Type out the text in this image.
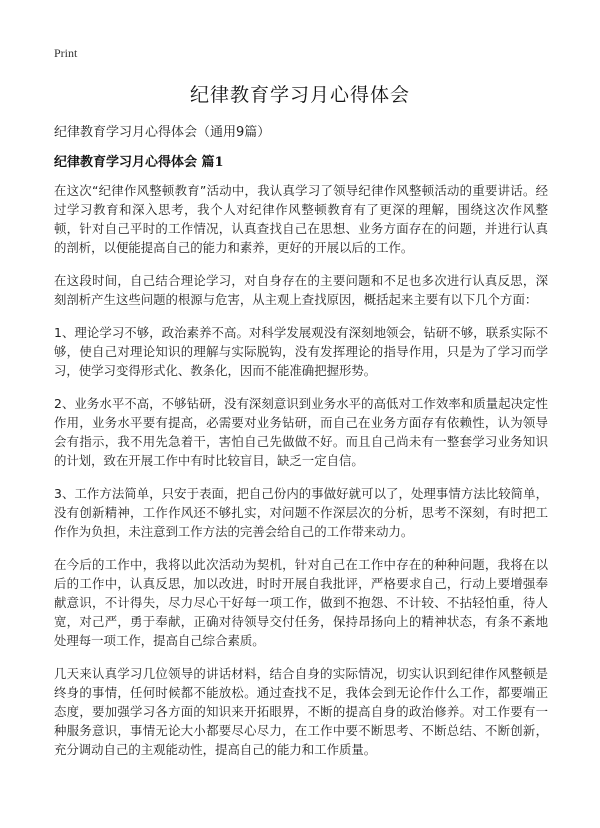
Print
纪律教育学习月心得体会
纪律教育学习月心得体会（通用9篇）
纪律教育学习月心得体会 篇1

在这次“纪律作风整顿教育”活动中，我认真学习了领导纪律作风整顿活动的重要讲话。经过学习教育和深入思考，我个人对纪律作风整顿教育有了更深的理解，围绕这次作风整顿，针对自己平时的工作情况，认真查找自己在思想、业务方面存在的问题，并进行认真的剖析，以便能提高自己的能力和素养，更好的开展以后的工作。

在这段时间，自己结合理论学习，对自身存在的主要问题和不足也多次进行认真反思，深刻剖析产生这些问题的根源与危害，从主观上查找原因，概括起来主要有以下几个方面：

1、理论学习不够，政治素养不高。对科学发展观没有深刻地领会，钻研不够，联系实际不够，使自己对理论知识的理解与实际脱钩，没有发挥理论的指导作用，只是为了学习而学习，使学习变得形式化、教条化，因而不能准确把握形势。

2、业务水平不高，不够钻研，没有深刻意识到业务水平的高低对工作效率和质量起决定性作用，业务水平要有提高，必需要对业务钻研，而自己在业务方面存有依赖性，认为领导会有指示，我不用先急着干，害怕自己先做做不好。而且自己尚未有一整套学习业务知识的计划，致在开展工作中有时比较盲目，缺乏一定自信。

3、工作方法简单，只安于表面，把自己份内的事做好就可以了，处理事情方法比较简单，没有创新精神，工作作风还不够扎实，对问题不作深层次的分析，思考不深刻，有时把工作作为负担，未注意到工作方法的完善会给自己的工作带来动力。

在今后的工作中，我将以此次活动为契机，针对自己在工作中存在的种种问题，我将在以后的工作中，认真反思，加以改进，时时开展自我批评，严格要求自己，行动上要增强奉献意识，不计得失，尽力尽心干好每一项工作，做到不抱怨、不计较、不拈轻怕重，待人宽，对己严，勇于奉献，正确对待领导交付任务，保持昂扬向上的精神状态，有条不紊地处理每一项工作，提高自己综合素质。

几天来认真学习几位领导的讲话材料，结合自身的实际情况，切实认识到纪律作风整顿是终身的事情，任何时候都不能放松。通过查找不足，我体会到无论作什么工作，都要端正态度，要加强学习各方面的知识来开拓眼界，不断的提高自身的政治修养。对工作要有一种服务意识，事情无论大小都要尽心尽力，在工作中要不断思考、不断总结、不断创新，充分调动自己的主观能动性，提高自己的能力和工作质量。
